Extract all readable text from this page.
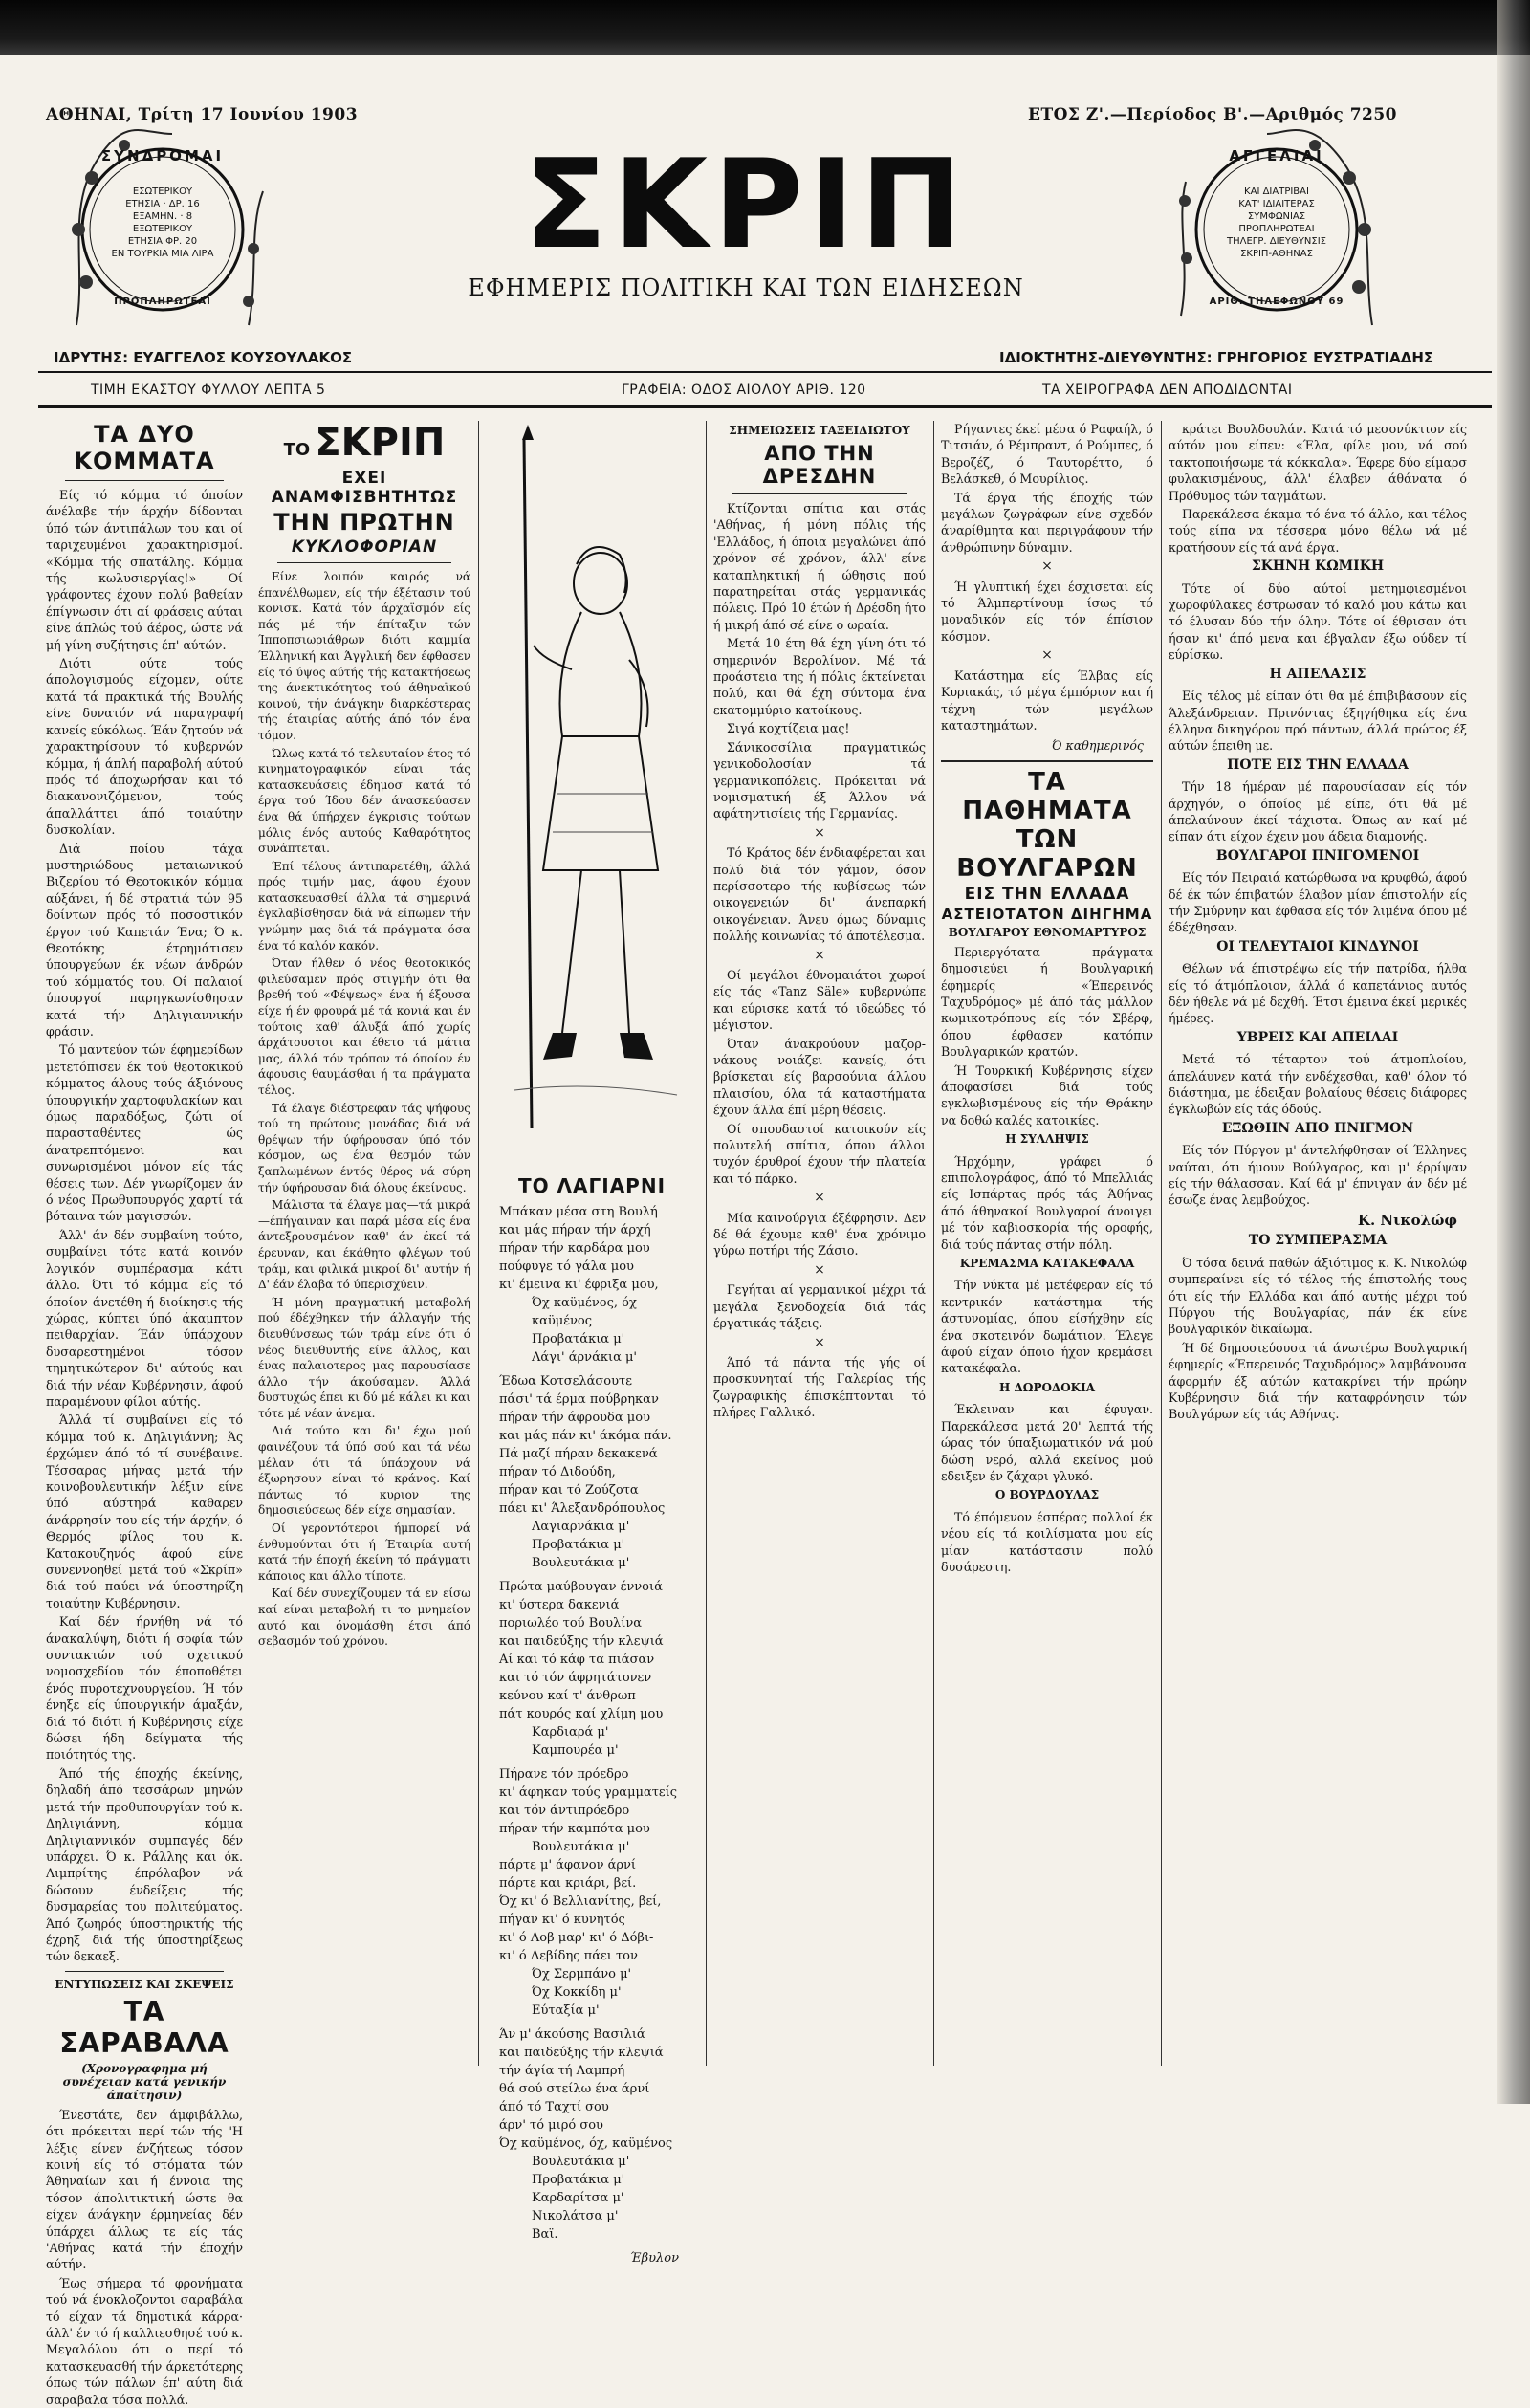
ΑΘΗΝΑΙ, Τρίτη 17 Ιουνίου 1903	ΕΤΟΣ Ζ'.—Περίοδος Β'.—Αριθμός 7250
ΣΥΝΔΡΟΜΑΙ
ΕΣΩΤΕΡΙΚΟΥ
ΕΤΗΣΙΑ · ΔΡ. 16
ΕΞΑΜΗΝ. · 8
ΕΞΩΤΕΡΙΚΟΥ
ΕΤΗΣΙΑ ΦΡ. 20
ΕΝ ΤΟΥΡΚΙΑ ΜΙΑ ΛΙΡΑ
ΠΡΟΠΛΗΡΩΤΕΑΙ
ΣΚΡΙΠ
ΕΦΗΜΕΡΙΣ ΠΟΛΙΤΙΚΗ ΚΑΙ ΤΩΝ ΕΙΔΗΣΕΩΝ
ΑΓΓΕΛΙΑΙ
ΚΑΙ ΔΙΑΤΡΙΒΑΙ
ΚΑΤ' ΙΔΙΑΙΤΕΡΑΣ
ΣΥΜΦΩΝΙΑΣ
ΠΡΟΠΛΗΡΩΤΕΑΙ
ΤΗΛΕΓΡ. ΔΙΕΥΘΥΝΣΙΣ
ΣΚΡΙΠ-ΑΘΗΝΑΣ
ΑΡΙΘ. ΤΗΛΕΦΩΝΟΥ 69
ΙΔΡΥΤΗΣ: ΕΥΑΓΓΕΛΟΣ ΚΟΥΣΟΥΛΑΚΟΣ	ΙΔΙΟΚΤΗΤΗΣ-ΔΙΕΥΘΥΝΤΗΣ: ΓΡΗΓΟΡΙΟΣ ΕΥΣΤΡΑΤΙΑΔΗΣ
ΤΙΜΗ ΕΚΑΣΤΟΥ ΦΥΛΛΟΥ ΛΕΠΤΑ 5	ΓΡΑΦΕΙΑ: ΟΔΟΣ ΑΙΟΛΟΥ ΑΡΙΘ. 120	ΤΑ ΧΕΙΡΟΓΡΑΦΑ ΔΕΝ ΑΠΟΔΙΔΟΝΤΑΙ
ΤΑ ΔΥΟ ΚΟΜΜΑΤΑ

Είς τό κόμμα τό όποίον άνέλαβε τήν άρχήν δίδονται ύπό τών άντιπάλων του και οί ταριχευμένοι χαρακτηρισμοί. «Κόμμα τής σπατάλης. Κόμμα τής κωλυσιεργίας!» Οί γράφοντες έχουν πολύ βαθείαν έπίγνωσιν ότι αί φράσεις αύται είνε άπλώς τού άέρος, ώστε νά μή γίνη συζήτησις έπ' αύτών.

Διότι ούτε τούς άπολογισμούς είχομεν, ούτε κατά τά πρακτικά τής Βουλής είνε δυνατόν νά παραγραφή κανείς εύκόλως. Έάν ζητούν νά χαρακτηρίσουν τό κυβερνών κόμμα, ή άπλή παραβολή αύτού πρός τό άποχωρήσαν και τό διακανονιζόμενον, τούς άπαλλάττει άπό τοιαύτην δυσκολίαν.

Διά ποίου τάχα μυστηριώδους μεταιωνικού Βιζερίου τό Θεοτοκικόν κόμμα αύξάνει, ή δέ στρατιά τών 95 δοίντων πρός τό ποσοστικόν έργον τού Καπετάν Ένα; Ό κ. Θεοτόκης έτρημάτισεν ύπουργεύων έκ νέων άνδρών τού κόμματός του. Οί παλαιοί ύπουργοί παρηγκωνίσθησαν κατά τήν Δηλιγιαννικήν φράσιν.

Τό μαντεύον τών έφημερίδων μετετόπισεν έκ τού θεοτοκικού κόμματος άλους τούς άξιόνους ύπουργικήν χαρτοφυλακίων και όμως παραδόξως, ζώτι οί παρασταθέντες ώς άνατρεπτόμενοι και συνωρισμένοι μόνον είς τάς θέσεις των. Δέν γνωρίζομεν άν ό νέος Πρωθυπουργός χαρτί τά βόταινα τών μαγισσών.

Άλλ' άν δέν συμβαίνη τούτο, συμβαίνει τότε κατά κοινόν λογικόν συμπέρασμα κάτι άλλο. Ότι τό κόμμα είς τό όποίον άνετέθη ή διοίκησις τής χώρας, κύπτει ύπό άκαμπτον πειθαρχίαν. Έάν ύπάρχουν δυσαρεστημένοι τόσον τημητικώτερον δι' αύτούς και διά τήν νέαν Κυβέρνησιν, άφού παραμένουν φίλοι αύτής.

Άλλά τί συμβαίνει είς τό κόμμα τού κ. Δηλιγιάννη; Άς έρχώμεν άπό τό τί συνέβαινε. Τέσσαρας μήνας μετά τήν κοινοβουλευτικήν λέξιν είνε ύπό αύστηρά καθαρεν άνάρρησίν του είς τήν άρχήν, ό Θερμός φίλος του κ. Κατακουζηνός άφού είνε συνεννοηθεί μετά τού «Σκρίπ» διά τού παύει νά ύποστηρίζη τοιαύτην Κυβέρνησιν.

Καί δέν ήρνήθη νά τό άνακαλύψη, διότι ή σοφία τών συντακτών τού σχετικού νομοσχεδίου τόν έποποθέτει ένός πυροτεχνουργείου. Ή τόν ένηξε είς ύπουργικήν άμαξάν, διά τό διότι ή Κυβέρνησις είχε δώσει ήδη δείγματα τής ποιότητός της.

Άπό τής έποχής έκείνης, δηλαδή άπό τεσσάρων μηνών μετά τήν προθυπουργίαν τού κ. Δηλιγιάννη, κόμμα Δηλιγιαννικόν συμπαγές δέν υπάρχει. Ό κ. Ράλλης και όκ. Λιμπρίτης έπρόλαβον νά δώσουν ένδείξεις τής δυσμαρείας του πολιτεύματος. Άπό ζωηρός ύποστηρικτής τής έχρηξ διά τής ύποστηρίξεως τών δεκαεξ.

ΕΝΤΥΠΩΣΕΙΣ ΚΑΙ ΣΚΕΨΕΙΣ
ΤΑ ΣΑΡΑΒΑΛΑ
(Χρονογραφημα μή συνέχειαν κατά γενικήν άπαίτησιν)

Ένεστάτε, δεν άμφιβάλλω, ότι πρόκειται περί τών τής 'Η λέξις είνεν ένζήτεως τόσον κοινή είς τό στόματα τών Άθηναίων και ή έννοια της τόσον άπολιτικτική ώστε θα είχεν άνάγκην έρμηνείας δέν ύπάρχει άλλως τε είς τάς 'Αθήνας κατά τήν έποχήν αύτήν.

Έως σήμερα τό φρονήματα τού νά ένοκλοζοντοι σαραβάλα τό είχαν τά δημοτικά κάρρα· άλλ' έν τό ή καλλιεσθησέ τού κ. Μεγαλόλου ότι ο περί τό κατασκευασθή τήν άρκετότερης όπως τών πάλων έπ' αύτη διά σαραβαλα τόσα πολλά.

ΤΟ ΣΚΡΙΠ
ΕΧΕΙ ΑΝΑΜΦΙΣΒΗΤΗΤΩΣ
ΤΗΝ ΠΡΩΤΗΝ
ΚΥΚΛΟΦΟΡΙΑΝ

Είνε λοιπόν καιρός νά έπανέλθωμεν, είς τήν έξέτασιν τού κονισκ. Κατά τόν άρχαϊσμόν είς πάς μέ τήν έπίταξιν τών Ίπποπσιωριάθρων διότι καμμία Έλληνική και Άγγλική δεν έφθασεν είς τό ύψος αύτής τής κατακτήσεως της άνεκτικότητος τού άθηναϊκού κοινού, τήν άνάγκην διαρκέστερας τής έταιρίας αύτής άπό τόν ένα τόμον.

Ώλως κατά τό τελευταίον έτος τό κινηματογραφικόν είναι τάς κατασκευάσεις έδημοσ κατά τό έργα τού Ίδου δέν άνασκεύασεν ένα θά ύπήρχεν έγκρισις τούτων μόλις ένός αυτούς Καθαρότητος συνάπτεται.

Έπί τέλους άντιπαρετέθη, άλλά πρός τιμήν μας, άφου έχουν κατασκευασθεί άλλα τά σημερινά έγκλαβίσθησαν διά νά είπωμεν τήν γνώμην μας διά τά πράγματα όσα ένα τό καλόν κακόν.

Όταν ήλθεν ό νέος θεοτοκικός φιλεύσαμεν πρός στιγμήν ότι θα βρεθή τού «Φέψεως» ένα ή έξουσα είχε ή έν φρουρά μέ τά κονιά και έν τούτοις καθ' άλυξά άπό χωρίς άρχάτουστοι και έθετο τά μάτια μας, άλλά τόν τρόπον τό όποίον έν άφουσις θαυμάσθαι ή τα πράγματα τέλος.

Τά έλαγε διέστρεφαν τάς ψήφους τού τη πρώτους μονάδας διά νά θρέψων τήν ύφήρουσαν ύπό τόν κόσμον, ως ένα θεσμόν τών ξαπλωμένων έντός θέρος νά σύρη τήν ύφήρουσαν διά όλους έκείνους.

Μάλιστα τά έλαγε μας—τά μικρά—έπήγαιναν και παρά μέσα είς ένα άντεξρουσμένον καθ' άν έκεί τά έρευναν, και έκάθητο φλέγων τού τράμ, και φιλικά μικροί δι' αυτήν ή Δ' έάν έλαβα τό ύπερισχύειν.

Ή μόνη πραγματική μεταβολή πού έδέχθηκεν τήν άλλαγήν τής διευθύνσεως τών τράμ είνε ότι ό νέος διευθυντής είνε άλλος, και ένας παλαιοτερος μας παρουσίασε άλλο τήν άκούσαμεν. Άλλά δυστυχώς έπει κι δύ μέ κάλει κι και τότε μέ νέαν άνεμα.

Διά τούτο και δι' έχω μού φαινέζουν τά ύπό σού και τά νέω μέλαν ότι τά ύπάρχουν νά έξωρησουν είναι τό κράνος. Καί πάντως τό κυριον της δημοσιεύσεως δέν είχε σημασίαν.

Οί γεροντότεροι ήμπορεί νά ένθυμούνται ότι ή Έταιρία αυτή κατά τήν έποχή έκείνη τό πράγματι κάποιος και άλλο τίποτε.

Καί δέν συνεχίζουμεν τά εν είσω καί είναι μεταβολή τι το μνημείον αυτό και όνομάσθη έτσι άπό σεβασμόν τού χρόνου.

ΤΟ ΛΑΓΙΑΡΝΙ
Μπάκαν μέσα στη Βουλή
και μάς πήραν τήν άρχή
πήραν τήν καρδάρα μου
πούφυγε τό γάλα μου
κι' έμεινα κι' έφριξα μου,
Όχ καϋμένος, όχ καϋμένος
Προβατάκια μ'
Λάγι' άρνάκια μ'
Έδωα Κοτσελάσουτε
πάσι' τά έρμα πούβρηκαν
πήραν τήν άφρουδα μου
και μάς πάν κι' άκόμα πάν.
Πά μαζί πήραν δεκακενά
πήραν τό Διδούδη,
πήραν και τό Ζούζοτα
πάει κι' Άλεξανδρόπουλος
Λαγιαρνάκια μ'
Προβατάκια μ'
Βουλευτάκια μ'
Πρώτα μαύβουγαν έννοιά
κι' ύστερα δακενιά
ποριωλέο τού Βουλίνα
και παιδεύξης τήν κλεψιά
Αί και τό κάφ τα πιάσαν
και τό τόν άφρητάτονεν
κεύνου καί τ' άνθρωπ
πάτ κουρός καί χλίμη μου
Καρδιαρά μ'
Καμπουρέα μ'
Πήρανε τόν πρόεδρο
κι' άφηκαν τούς γραμματείς
και τόν άντιπρόεδρο
πήραν τήν καμπότα μου
Βουλευτάκια μ'
πάρτε μ' άφανον άρνί
πάρτε και κριάρι, βεί.
Όχ κι' ό Βελλιανίτης, βεί,
πήγαν κι' ό κυνητός
κι' ό Λοβ μαρ' κι' ό Δόβι-
κι' ό Λεβίδης πάει τον
Όχ Σερμπάνο μ'
Όχ Κοκκίδη μ'
Εύταξία μ'
Άν μ' άκούσης Βασιλιά
και παιδεύξης τήν κλεψιά
τήν άγία τή Λαμπρή
θά σού στείλω ένα άρνί
άπό τό Ταχτί σου
άρν' τό μιρό σου
Όχ καϋμένος, όχ, καϋμένος
Βουλευτάκια μ'
Προβατάκια μ'
Καρδαρίτσα μ'
Νικολάτσα μ'
Βαϊ.
Έβυλον
ΣΗΜΕΙΩΣΕΙΣ ΤΑΞΕΙΔΙΩΤΟΥ
ΑΠΟ ΤΗΝ ΔΡΕΣΔΗΝ

Κτίζονται σπίτια και στάς 'Αθήνας, ή μόνη πόλις τής 'Ελλάδος, ή όποια μεγαλώνει άπό χρόνον σέ χρόνον, άλλ' είνε καταπληκτική ή ώθησις πού παρατηρείται στάς γερμανικάς πόλεις. Πρό 10 έτών ή Δρέσδη ήτο ή μικρή άπό σέ είνε ο ωραία.

Μετά 10 έτη θά έχη γίνη ότι τό σημερινόν Βερολίνον. Μέ τά προάστεια της ή πόλις έκτείνεται πολύ, και θά έχη σύντομα ένα εκατομμύριο κατοίκους.

Σιγά κοχτίζεια μας!

Σάνικοσσίλια πραγματικώς γενικοδολοσίαν τά γερμανικοπόλεις. Πρόκειται νά νομισματική έξ Άλλου νά αφάτηντισίεις τής Γερμανίας.

×

Τό Κράτος δέν ένδιαφέρεται και πολύ διά τόν γάμον, όσον περίσσοτερο τής κυβίσεως τών οικογενειών δι' άνεπαρκή οικογένειαν. Άνευ όμως δύναμις πολλής κοινωνίας τό άποτέλεσμα.

×

Οί μεγάλοι έθνομαιάτοι χωροί είς τάς «Tanz Säle» κυβερνώπε και εύρισκε κατά τό ιδεώδες τό μέγιστον.

Όταν άνακρούουν μαζορ-νάκους νοιάζει κανείς, ότι βρίσκεται είς βαρσούνια άλλου πλαισίου, όλα τά καταστήματα έχουν άλλα έπί μέρη θέσεις.

Οί σπουδαστοί κατοικούν είς πολυτελή σπίτια, όπου άλλοι τυχόν έρυθροί έχουν τήν πλατεία και τό πάρκο.

×

Μία καινούργια έξέφρησιν. Δεν δέ θά έχουμε καθ' ένα χρόνιμο γύρω ποτήρι τής Ζάσιο.

×

Γεγήται αί γερμανικοί μέχρι τά μεγάλα ξενοδοχεία διά τάς έργατικάς τάξεις.

×

Άπό τά πάντα τής γής οί προσκυνηταί τής Γαλερίας τής ζωγραφικής έπισκέπτονται τό πλήρες Γαλλικό.

Ρήγαντες έκεί μέσα ό Ραφαήλ, ό Τιτσιάν, ό Ρέμπραντ, ό Ρούμπες, ό Βεροζέζ, ό Ταυτορέττο, ό Βελάσκεθ, ό Μουρίλιος.

Τά έργα τής έποχής τών μεγάλων ζωγράφων είνε σχεδόν άναρίθμητα και περιγράφουν τήν άνθρώπινην δύναμιν.

×

Ή γλυπτική έχει έσχισεται είς τό Άλμπερτίνουμ ίσως τό μοναδικόν είς τόν έπίσιον κόσμον.

×

Κατάστημα είς Έλβας είς Κυριακάς, τό μέγα έμπόριον και ή τέχνη τών μεγάλων καταστημάτων.

Ό καθημερινός
ΤΑ ΠΑΘΗΜΑΤΑ
ΤΩΝ ΒΟΥΛΓΑΡΩΝ
ΕΙΣ ΤΗΝ ΕΛΛΑΔΑ
ΑΣΤΕΙΟΤΑΤΟΝ ΔΙΗΓΗΜΑ
ΒΟΥΛΓΑΡΟΥ ΕΘΝΟΜΑΡΤΥΡΟΣ

Περιεργότατα πράγματα δημοσιεύει ή Βουλγαρική έφημερίς «Έπερεινός Ταχυδρόμος» μέ άπό τάς μάλλον κωμικοτρόπους είς τόν Σβέρφ, όπου έφθασεν κατόπιν Βουλγαρικών κρατών.

Ή Τουρκική Κυβέρνησις είχεν άποφασίσει διά τούς εγκλωβισμένους είς τήν Θράκην να δοθώ καλές κατοικίες.

Η ΣΥΛΛΗΨΙΣ

Ήρχόμην, γράφει ό επιπολογράφος, άπό τό Μπελλιάς είς Ισπάρτας πρός τάς Άθήνας άπό άθηνακοί Βουλγαροί άνοιγει μέ τόν καβιοσκορία τής οροφής, διά τούς πάντας στήν πόλη.

ΚΡΕΜΑΣΜΑ ΚΑΤΑΚΕΦΑΛΑ

Τήν νύκτα μέ μετέφεραν είς τό κεντρικόν κατάστημα τής άστυνομίας, όπου είσήχθην είς ένα σκοτεινόν δωμάτιον. Έλεγε άφού είχαν όποιο ήχον κρεμάσει κατακέφαλα.

Η ΔΩΡΟΔΟΚΙΑ

Έκλειναν και έφυγαν. Παρεκάλεσα μετά 20' λεπτά τής ώρας τόν ύπαξιωματικόν νά μού δώση νερό, αλλά εκείνος μού εδειξεν έν ζάχαρι γλυκό.

Ο ΒΟΥΡΔΟΥΛΑΣ

Τό έπόμενον έσπέρας πολλοί έκ νέου είς τά κοιλίσματα μου είς μίαν κατάστασιν πολύ δυσάρεστη.

κράτει Βουλδουλάν. Κατά τό μεσονύκτιον είς αύτόν μου είπεν: «Έλα, φίλε μου, νά σού τακτοποιήσωμε τά κόκκαλα». Έφερε δύο είμαρσ φυλακισμένους, άλλ' έλαβεν άθάνατα ό Πρόθυμος τών ταγμάτων.

Παρεκάλεσα έκαμα τό ένα τό άλλο, και τέλος τούς είπα να τέσσερα μόνο θέλω νά μέ κρατήσουν είς τά ανά έργα.

ΣΚΗΝΗ ΚΩΜΙΚΗ

Τότε οί δύο αύτοί μετημφιεσμένοι χωροφύλακες έστρωσαν τό καλό μου κάτω και τό έλυσαν δύο τήν όλην. Τότε οί έθρισαν ότι ήσαν κι' άπό μενα και έβγαλαν έξω ούδεν τί εύρίσκω.

Η ΑΠΕΛΑΣΙΣ

Είς τέλος μέ είπαν ότι θα μέ έπιβιβάσουν είς Άλεξάνδρειαν. Πρινόντας έξηγήθηκα είς ένα έλληνα δικηγόρον πρό πάντων, άλλά πρώτος έξ αύτών έπειθη με.

ΠΟΤΕ ΕΙΣ ΤΗΝ ΕΛΛΑΔΑ

Τήν 18 ήμέραν μέ παρουσίασαν είς τόν άρχηγόν, ο όποίος μέ είπε, ότι θά μέ άπελαύνουν έκεί τάχιστα. Όπως αν καί μέ είπαν άτι είχον έχειν μου άδεια διαμονής.

ΒΟΥΛΓΑΡΟΙ ΠΝΙΓΟΜΕΝΟΙ

Είς τόν Πειραιά κατώρθωσα να κρυφθώ, άφού δέ έκ τών έπιβατών έλαβον μίαν έπιστολήν είς τήν Σμύρνην και έφθασα είς τόν λιμένα όπου μέ έδέχθησαν.

ΟΙ ΤΕΛΕΥΤΑΙΟΙ ΚΙΝΔΥΝΟΙ

Θέλων νά έπιστρέψω είς τήν πατρίδα, ήλθα είς τό άτμόπλοιον, άλλά ό καπετάνιος αυτός δέν ήθελε νά μέ δεχθή. Έτσι έμεινα έκεί μερικές ήμέρες.

ΥΒΡΕΙΣ ΚΑΙ ΑΠΕΙΛΑΙ

Μετά τό τέταρτον τού άτμοπλοίου, άπελάυνεν κατά τήν ενδέχεσθαι, καθ' όλον τό διάστημα, με έδειξαν βολαίους θέσεις διάφορες έγκλωβών είς τάς όδούς.

ΕΞΩΘΗΝ ΑΠΟ ΠΝΙΓΜΟΝ

Είς τόν Πύργον μ' άντελήφθησαν οί Έλληνες ναύται, ότι ήμουν Βούλγαρος, και μ' έρρίψαν είς τήν θάλασσαν. Καί θά μ' έπνιγαν άν δέν μέ έσωζε ένας λεμβούχος.

Κ. Νικολώφ
ΤΟ ΣΥΜΠΕΡΑΣΜΑ

Ό τόσα δεινά παθών άξιότιμος κ. Κ. Νικολώφ συμπεραίνει είς τό τέλος τής έπιστολής τους ότι είς τήν Ελλάδα και άπό αυτής μέχρι τού Πύργου τής Βουλγαρίας, πάν έκ είνε βουλγαρικόν δικαίωμα.

Ή δέ δημοσιεύουσα τά άνωτέρω Βουλγαρική έφημερίς «Έπερεινός Ταχυδρόμος» λαμβάνουσα άφορμήν έξ αύτών κατακρίνει τήν πρώην Κυβέρνησιν διά τήν καταφρόνησιν τών Βουλγάρων είς τάς Αθήνας.
